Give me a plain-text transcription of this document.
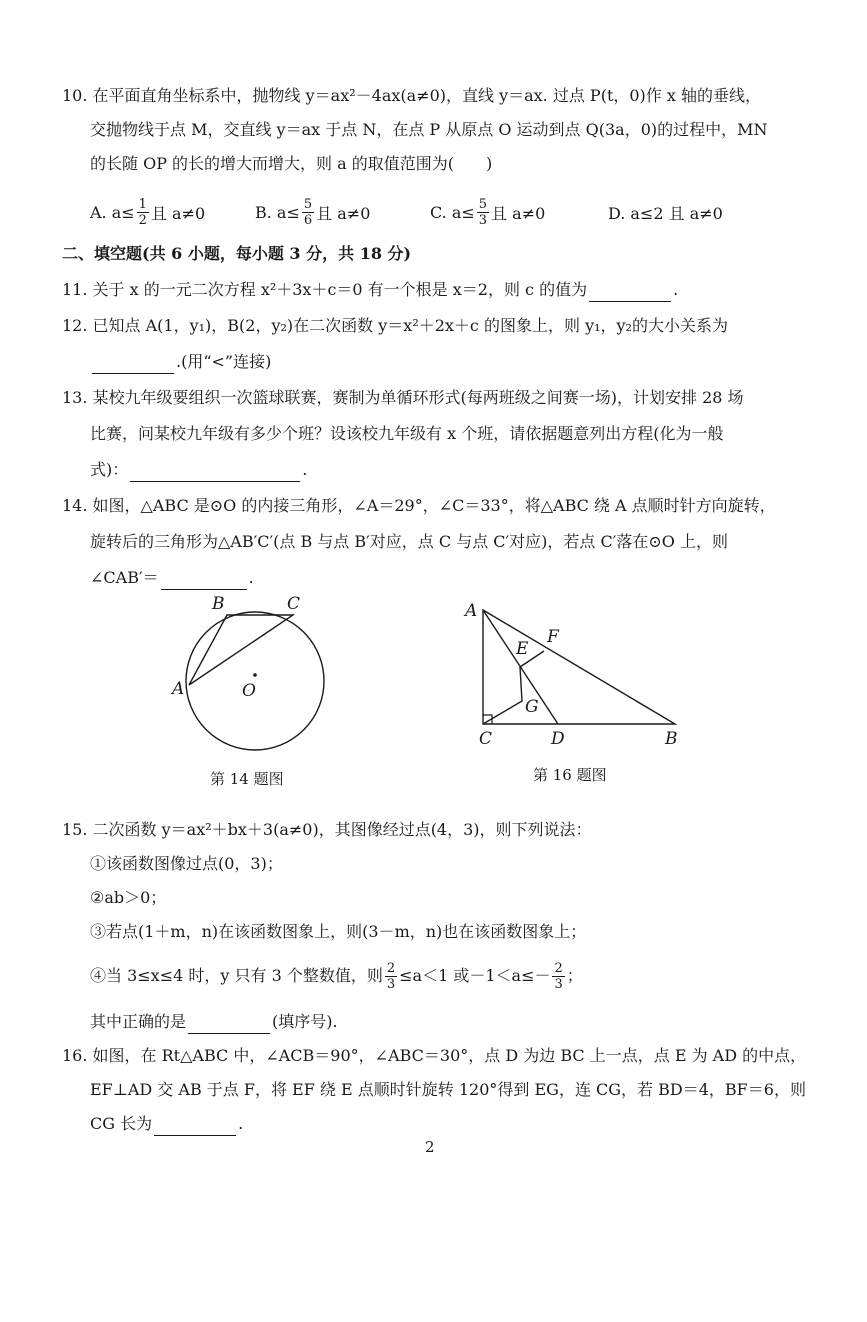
10. 在平面直角坐标系中，抛物线 y＝ax²－4ax(a≠0)，直线 y＝ax. 过点 P(t，0)作 x 轴的垂线，
交抛物线于点 M，交直线 y＝ax 于点 N，在点 P 从原点 O 运动到点 Q(3a，0)的过程中，MN
的长随 OP 的长的增大而增大，则 a 的取值范围为(　　)
A. $a\le \frac{1}{2}$ 且 a≠0	B. $a\le \frac{5}{6}$ 且 a≠0	C. $a\le \frac{5}{3}$ 且 a≠0	D. a≤2 且 a≠0
二、填空题(共 6 小题，每小题 3 分，共 18 分)
11. 关于 x 的一元二次方程 x²＋3x＋c＝0 有一个根是 x＝2，则 c 的值为	.
12. 已知点 A(1，y₁)，B(2，y₂)在二次函数 y＝x²＋2x＋c 的图象上，则 y₁，y₂的大小关系为
.(用“<”连接)
13. 某校九年级要组织一次篮球联赛，赛制为单循环形式(每两班级之间赛一场)，计划安排 28 场
比赛，问某校九年级有多少个班？设该校九年级有 x 个班，请依据题意列出方程(化为一般
式)：	.
14. 如图，△ABC 是⊙O 的内接三角形，∠A＝29°，∠C＝33°，将△ABC 绕 A 点顺时针方向旋转，
旋转后的三角形为△AB′C′(点 B 与点 B′对应，点 C 与点 C′对应)，若点 C′落在⊙O 上，则
∠CAB′＝	.
A
B	C
O
第 14 题图
A
F
E
G
C	D	B
第 16 题图
15. 二次函数 y＝ax²＋bx＋3(a≠0)，其图像经过点(4，3)，则下列说法：
①该函数图像过点(0，3)；
②ab＞0；
③若点(1＋m，n)在该函数图象上，则(3－m，n)也在该函数图象上；
④当 3≤x≤4 时，y 只有 3 个整数值，则 $\frac{2}{3} \le a<1$ 或$-1<a\le- \frac{2}{3}$ ；
其中正确的是	(填序号).
16. 如图，在 Rt△ABC 中，∠ACB＝90°，∠ABC＝30°，点 D 为边 BC 上一点，点 E 为 AD 的中点，
EF⊥AD 交 AB 于点 F，将 EF 绕 E 点顺时针旋转 120°得到 EG，连 CG，若 BD＝4，BF＝6，则
CG 长为	.
2
